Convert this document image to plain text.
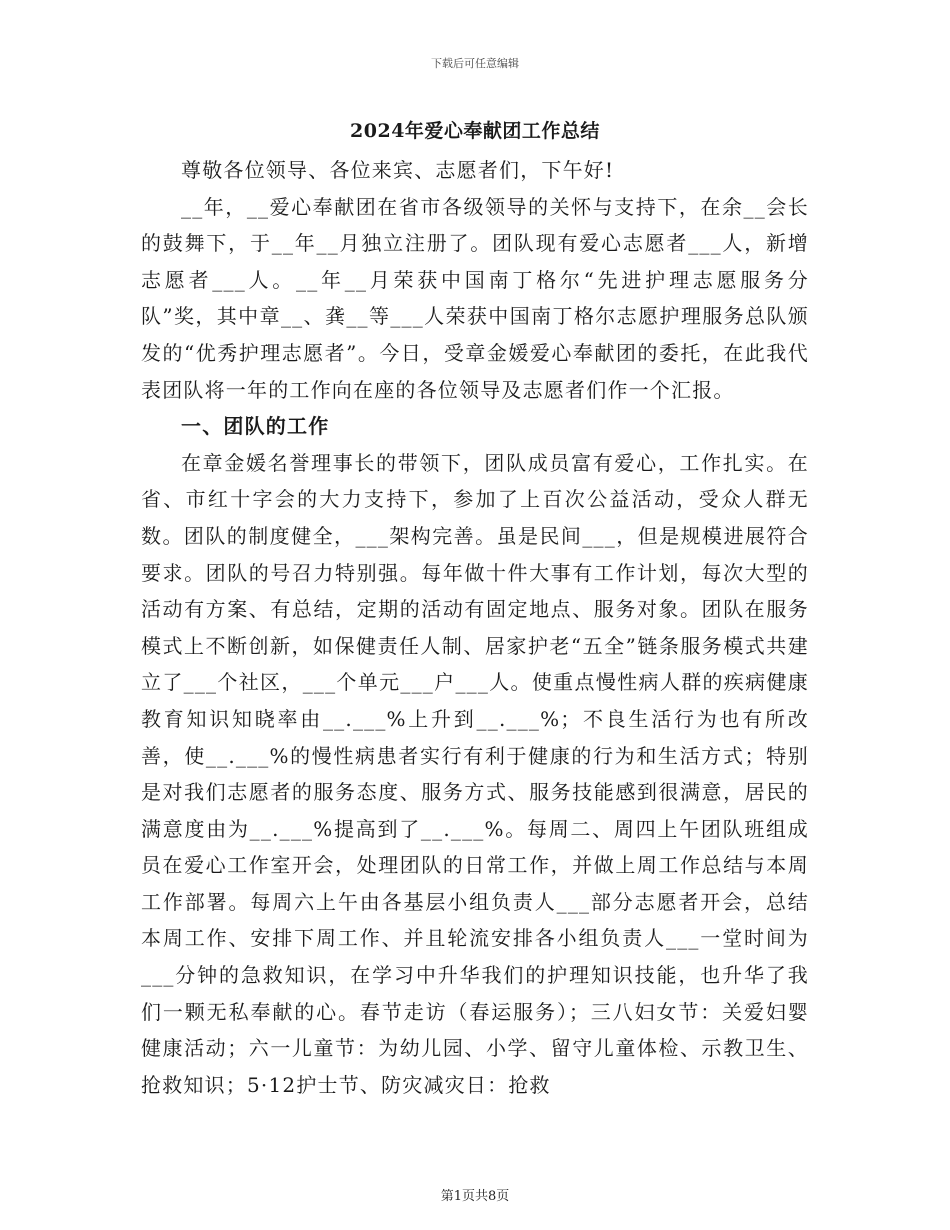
下载后可任意编辑
2024年爱心奉献团工作总结

尊敬各位领导、各位来宾、志愿者们，下午好!

__年，__爱心奉献团在省市各级领导的关怀与支持下，在余__会长的鼓舞下，于__年__月独立注册了。团队现有爱心志愿者___人，新增志愿者___人。__年__月荣获中国南丁格尔“先进护理志愿服务分队”奖，其中章__、龚__等___人荣获中国南丁格尔志愿护理服务总队颁发的“优秀护理志愿者”。今日，受章金媛爱心奉献团的委托，在此我代表团队将一年的工作向在座的各位领导及志愿者们作一个汇报。

一、团队的工作

在章金媛名誉理事长的带领下，团队成员富有爱心，工作扎实。在省、市红十字会的大力支持下，参加了上百次公益活动，受众人群无数。团队的制度健全，___架构完善。虽是民间___，但是规模进展符合要求。团队的号召力特别强。每年做十件大事有工作计划，每次大型的活动有方案、有总结，定期的活动有固定地点、服务对象。团队在服务模式上不断创新，如保健责任人制、居家护老“五全”链条服务模式共建立了___个社区，___个单元___户___人。使重点慢性病人群的疾病健康教育知识知晓率由__.___%上升到__.___%；不良生活行为也有所改善，使__.___%的慢性病患者实行有利于健康的行为和生活方式；特别是对我们志愿者的服务态度、服务方式、服务技能感到很满意，居民的满意度由为__.___%提高到了__.___%。每周二、周四上午团队班组成员在爱心工作室开会，处理团队的日常工作，并做上周工作总结与本周工作部署。每周六上午由各基层小组负责人___部分志愿者开会，总结本周工作、安排下周工作、并且轮流安排各小组负责人___一堂时间为___分钟的急救知识，在学习中升华我们的护理知识技能，也升华了我们一颗无私奉献的心。春节走访（春运服务）；三八妇女节：关爱妇婴健康活动；六一儿童节：为幼儿园、小学、留守儿童体检、示教卫生、抢救知识；5·12护士节、防灾减灾日：抢救

第1页共8页
